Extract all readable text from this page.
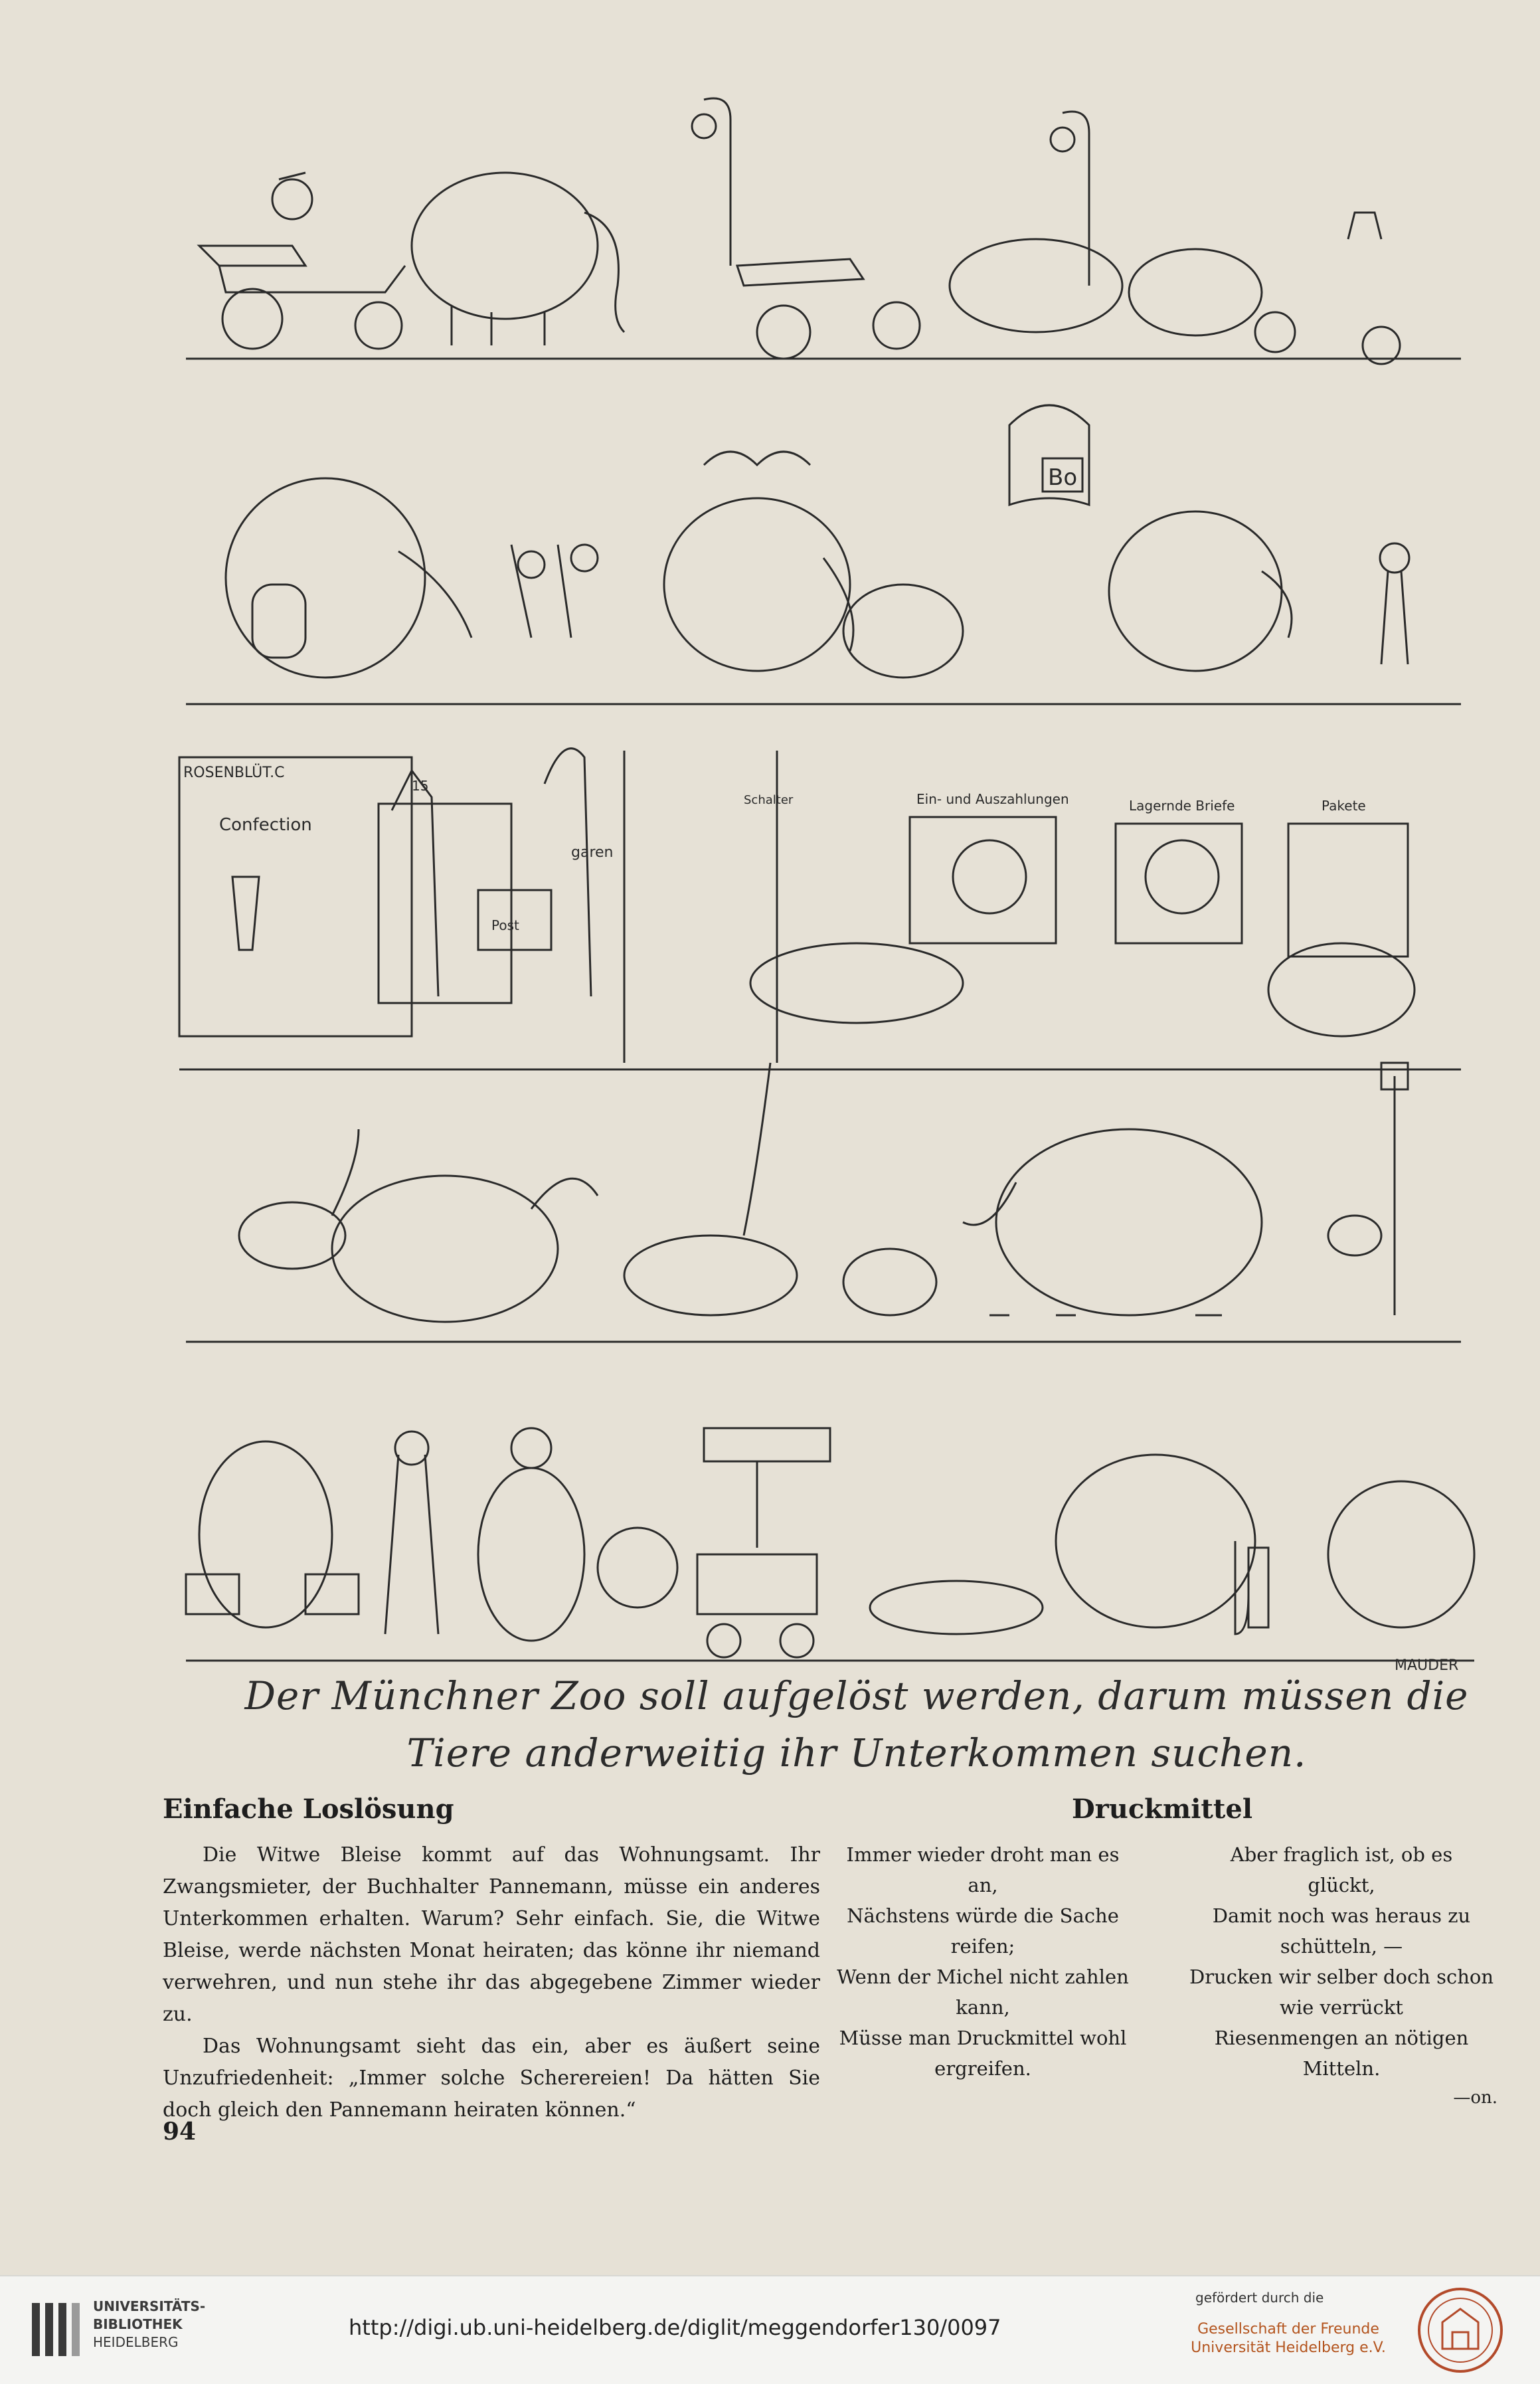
Bo
ROSENBLÜT.C
Confection
15
garen
Post
Schalter	Ein- und Auszahlungen	Lagernde Briefe	Pakete
MAUDER
Der Münchner Zoo soll aufgelöst werden, darum müssen die
Tiere anderweitig ihr Unterkommen suchen.
Einfache Loslösung

Die Witwe Bleise kommt auf das Wohnungsamt. Ihr Zwangsmieter, der Buchhalter Pannemann, müsse ein anderes Unterkommen erhalten. Warum? Sehr einfach. Sie, die Witwe Bleise, werde nächsten Monat heiraten; das könne ihr niemand verwehren, und nun stehe ihr das abgegebene Zimmer wieder zu.

Das Wohnungsamt sieht das ein, aber es äußert seine Unzufriedenheit: „Immer solche Scherereien! Da hätten Sie doch gleich den Pannemann heiraten können.“

Druckmittel

Immer wieder droht man es

an,

Nächstens würde die Sache

reifen;

Wenn der Michel nicht zahlen

kann,

Müsse man Druckmittel wohl

ergreifen.

Aber fraglich ist, ob es

glückt,

Damit noch was heraus zu

schütteln, —

Drucken wir selber doch schon

wie verrückt

Riesenmengen an nötigen

Mitteln.

—on.
94
UNIVERSITÄTS-
BIBLIOTHEK
HEIDELBERG
http://digi.ub.uni-heidelberg.de/diglit/meggendorfer130/0097
gefördert durch die
Gesellschaft der Freunde
Universität Heidelberg e.V.
